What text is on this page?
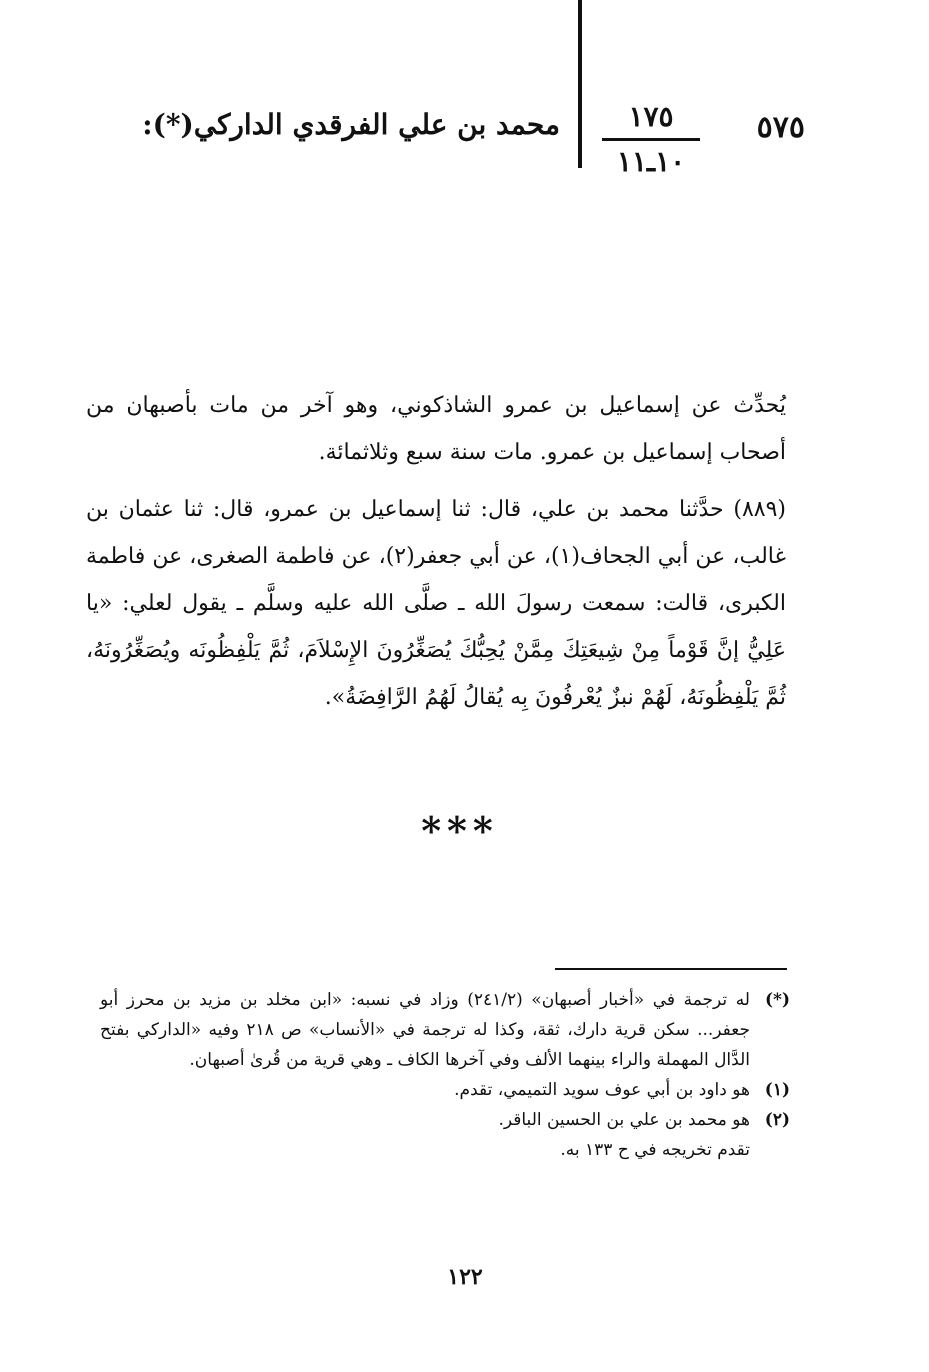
٥٧٥
١٧٥
١٠ـ١١
محمد بن علي الفرقدي الداركي(*):
يُحدِّث عن إسماعيل بن عمرو الشاذكوني، وهو آخر من مات بأصبهان من أصحاب إسماعيل بن عمرو. مات سنة سبع وثلاثمائة.
(٨٨٩) حدَّثنا محمد بن علي، قال: ثنا إسماعيل بن عمرو، قال: ثنا عثمان بن غالب، عن أبي الجحاف(١)، عن أبي جعفر(٢)، عن فاطمة الصغرى، عن فاطمة الكبرى، قالت: سمعت رسولَ الله ـ صلَّى الله عليه وسلَّم ـ يقول لعلي: «يا عَلِيُّ إنَّ قَوْماً مِنْ شِيعَتِكَ مِمَّنْ يُحِبُّكَ يُصَغِّرُونَ الإِسْلاَمَ، ثُمَّ يَلْفِظُونَه ويُصَغِّرُونَهُ، ثُمَّ يَلْفِظُونَهُ، لَهُمْ نبزٌ يُعْرفُونَ بِه يُقالُ لَهُمُ الرَّافِضَةُ».
***
(*)
له ترجمة في «أخبار أصبهان» (٢٤١/٢) وزاد في نسبه: «ابن مخلد بن مزيد بن محرز أبو جعفر... سكن قرية دارك، ثقة، وكذا له ترجمة في «الأنساب» ص ٢١٨ وفيه «الداركي بفتح الدَّال المهملة والراء بينهما الألف وفي آخرها الكاف ـ وهي قرية من قُرىٰ أصبهان.
(١)
هو داود بن أبي عوف سويد التميمي، تقدم.
(٢)
هو محمد بن علي بن الحسين الباقر.
تقدم تخريجه في ح ١٣٣ به.
١٢٢
